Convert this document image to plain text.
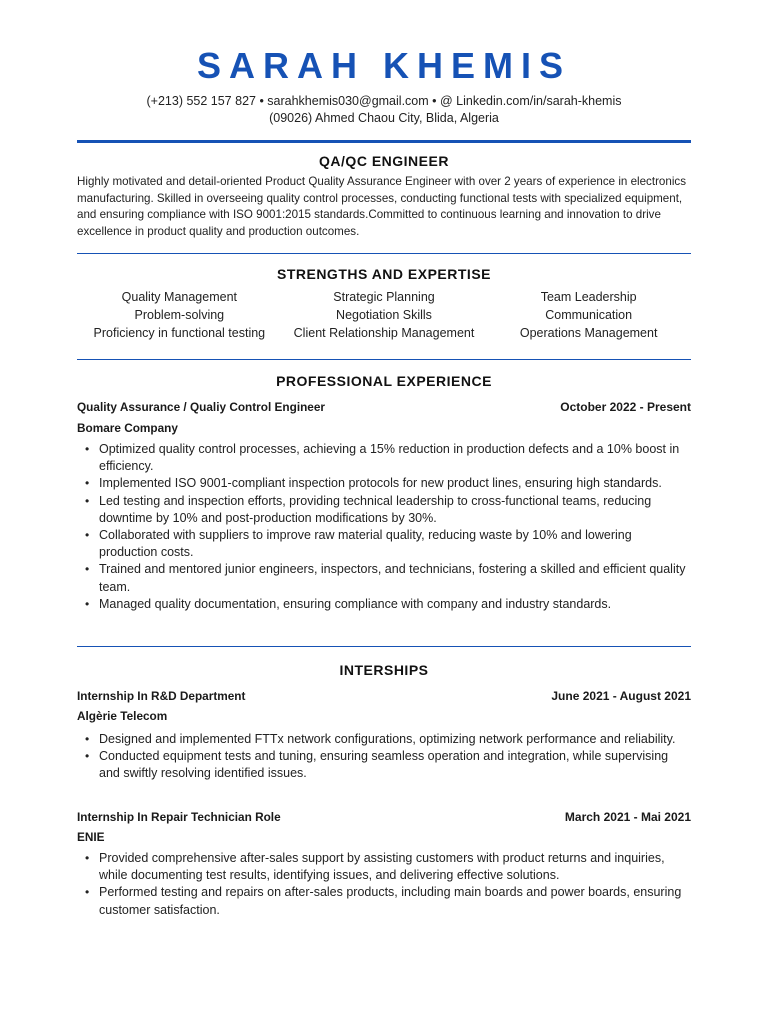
SARAH KHEMIS
(+213) 552 157 827 • sarahkhemis030@gmail.com • @ Linkedin.com/in/sarah-khemis
(09026) Ahmed Chaou City, Blida, Algeria
QA/QC ENGINEER
Highly motivated and detail-oriented Product Quality Assurance Engineer with over 2 years of experience in electronics manufacturing. Skilled in overseeing quality control processes, conducting functional tests with specialized equipment, and ensuring compliance with ISO 9001:2015 standards.Committed to continuous learning and innovation to drive excellence in product quality and production outcomes.
STRENGTHS AND EXPERTISE
Quality Management	Strategic Planning	Team Leadership
Problem-solving	Negotiation Skills	Communication
Proficiency in functional testing	Client Relationship Management	Operations Management
PROFESSIONAL EXPERIENCE
Quality Assurance / Qualiy Control Engineer	October 2022 - Present
Bomare Company
• Optimized quality control processes, achieving a 15% reduction in production defects and a 10% boost in efficiency.
• Implemented ISO 9001-compliant inspection protocols for new product lines, ensuring high standards.
• Led testing and inspection efforts, providing technical leadership to cross-functional teams, reducing downtime by 10% and post-production modifications by 30%.
• Collaborated with suppliers to improve raw material quality, reducing waste by 10% and lowering production costs.
• Trained and mentored junior engineers, inspectors, and technicians, fostering a skilled and efficient quality team.
• Managed quality documentation, ensuring compliance with company and industry standards.
INTERSHIPS
Internship In R&D Department	June 2021 - August 2021
Algèrie Telecom
• Designed and implemented FTTx network configurations, optimizing network performance and reliability.
• Conducted equipment tests and tuning, ensuring seamless operation and integration, while supervising and swiftly resolving identified issues.
Internship In Repair Technician Role	March 2021 - Mai 2021
ENIE
• Provided comprehensive after-sales support by assisting customers with product returns and inquiries, while documenting test results, identifying issues, and delivering effective solutions.
• Performed testing and repairs on after-sales products, including main boards and power boards, ensuring customer satisfaction.
